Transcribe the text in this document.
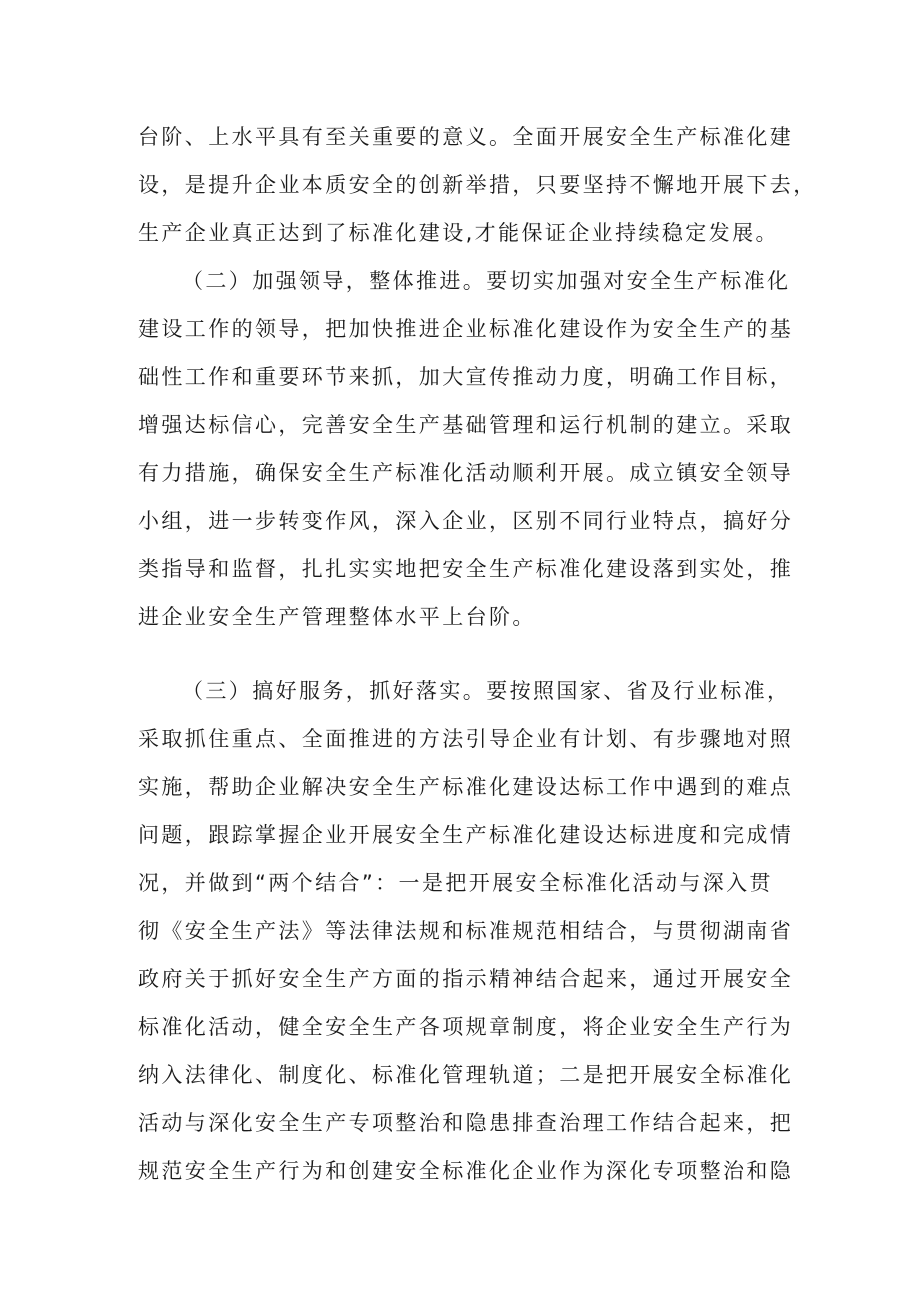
台阶、上水平具有至关重要的意义。全面开展安全生产标准化建
设，是提升企业本质安全的创新举措，只要坚持不懈地开展下去，
生产企业真正达到了标准化建设,才能保证企业持续稳定发展。
（二）加强领导，整体推进。要切实加强对安全生产标准化
建设工作的领导，把加快推进企业标准化建设作为安全生产的基
础性工作和重要环节来抓，加大宣传推动力度，明确工作目标，
增强达标信心，完善安全生产基础管理和运行机制的建立。采取
有力措施，确保安全生产标准化活动顺利开展。成立镇安全领导
小组，进一步转变作风，深入企业，区别不同行业特点，搞好分
类指导和监督，扎扎实实地把安全生产标准化建设落到实处，推
进企业安全生产管理整体水平上台阶。
（三）搞好服务，抓好落实。要按照国家、省及行业标准，
采取抓住重点、全面推进的方法引导企业有计划、有步骤地对照
实施，帮助企业解决安全生产标准化建设达标工作中遇到的难点
问题，跟踪掌握企业开展安全生产标准化建设达标进度和完成情
况，并做到“两个结合”：一是把开展安全标准化活动与深入贯
彻《安全生产法》等法律法规和标准规范相结合，与贯彻湖南省
政府关于抓好安全生产方面的指示精神结合起来，通过开展安全
标准化活动，健全安全生产各项规章制度，将企业安全生产行为
纳入法律化、制度化、标准化管理轨道；二是把开展安全标准化
活动与深化安全生产专项整治和隐患排查治理工作结合起来，把
规范安全生产行为和创建安全标准化企业作为深化专项整治和隐
